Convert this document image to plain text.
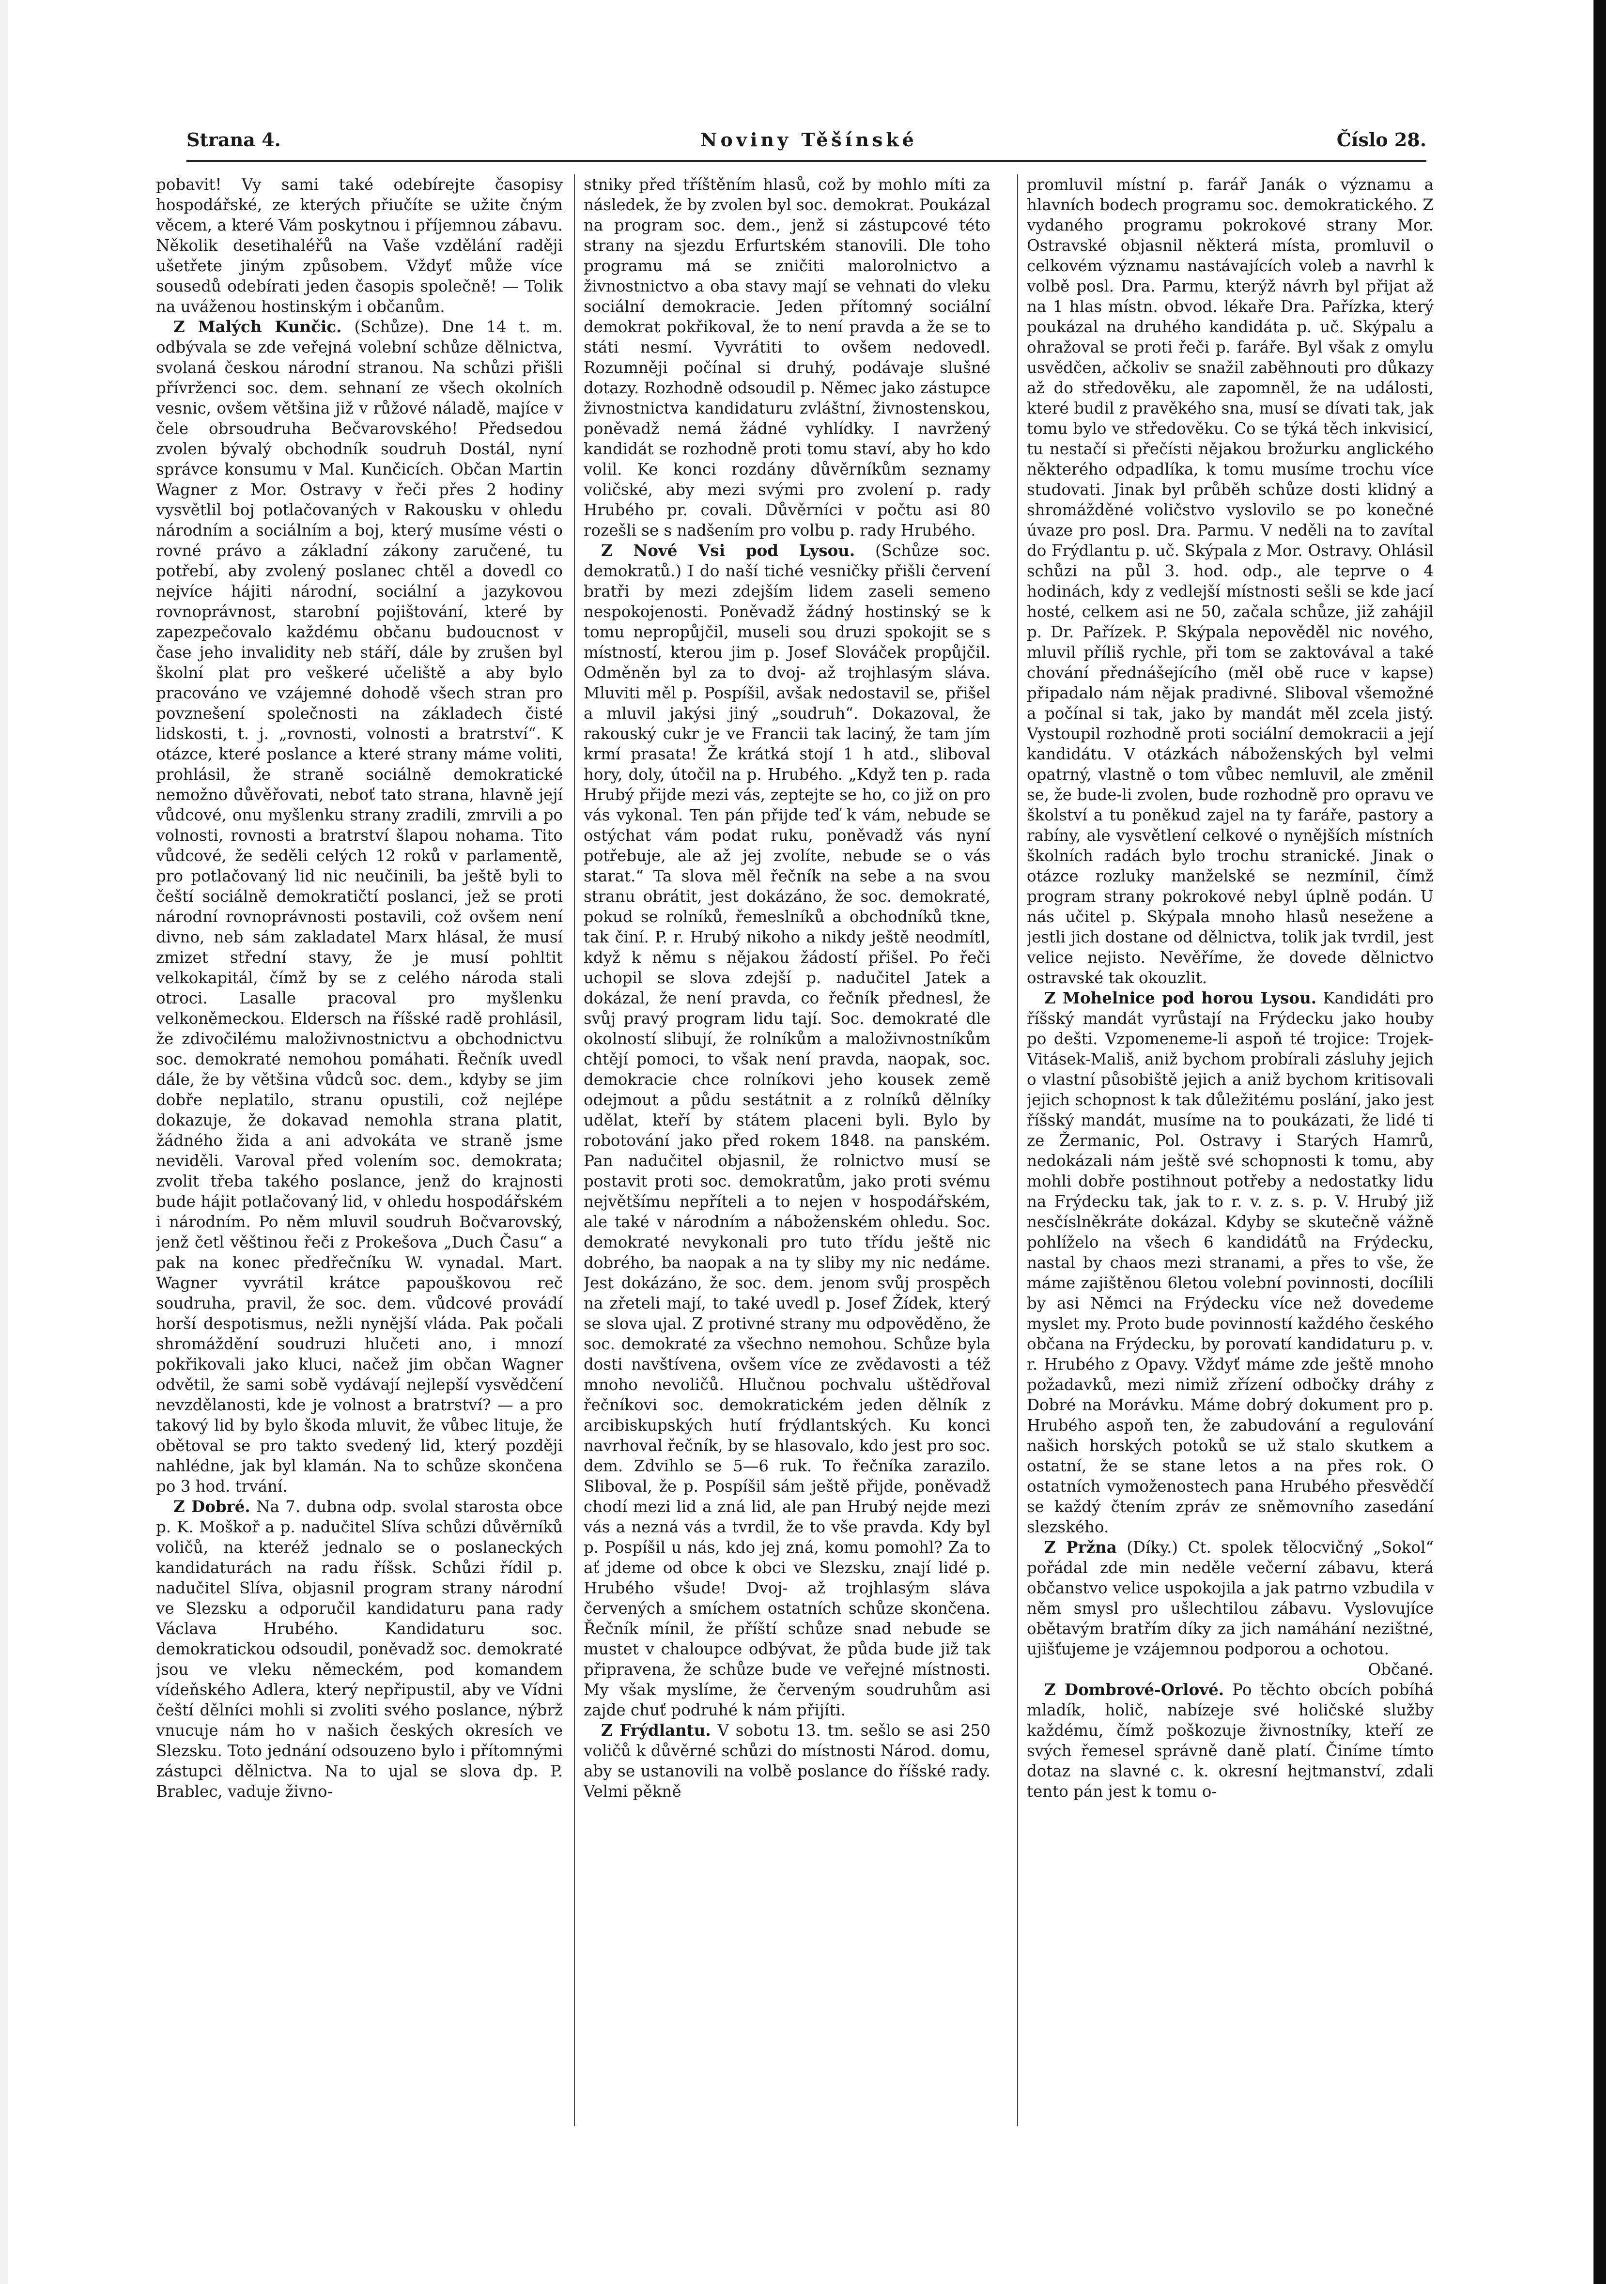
Strana 4.	Noviny Těšínské	Číslo 28.

pobavit! Vy sami také odebírejte časopisy hospodářské, ze kterých přiučíte se užite čným věcem, a které Vám poskytnou i příjemnou zábavu. Několik desetihaléřů na Vaše vzdělání raději ušetřete jiným způsobem. Vždyť může více sousedů odebírati jeden časopis společně! — Tolik na uváženou hostinským i občanům.

Z Malých Kunčic. (Schůze). Dne 14 t. m. odbývala se zde veřejná volební schůze dělnictva, svolaná českou národní stranou. Na schůzi přišli přívrženci soc. dem. sehnaní ze všech okolních vesnic, ovšem většina již v růžové náladě, majíce v čele obrsoudruha Bečvarovského! Předsedou zvolen bývalý obchodník soudruh Dostál, nyní správce konsumu v Mal. Kunčicích. Občan Martin Wagner z Mor. Ostravy v řeči přes 2 hodiny vysvětlil boj potlačovaných v Rakousku v ohledu národním a sociálním a boj, který musíme vésti o rovné právo a základní zákony zaručené, tu potřebí, aby zvolený poslanec chtěl a dovedl co nejvíce hájiti národní, sociální a jazykovou rovnoprávnost, starobní pojištování, které by zapezpečovalo každému občanu budoucnost v čase jeho invalidity neb stáří, dále by zrušen byl školní plat pro veškeré učeliště a aby bylo pracováno ve vzájemné dohodě všech stran pro povznešení společnosti na základech čisté lidskosti, t. j. „rovnosti, volnosti a bratrství“. K otázce, které poslance a které strany máme voliti, prohlásil, že straně sociálně demokratické nemožno důvěřovati, neboť tato strana, hlavně její vůdcové, onu myšlenku strany zradili, zmrvili a po volnosti, rovnosti a bratrství šlapou nohama. Tito vůdcové, že seděli celých 12 roků v parlamentě, pro potlačovaný lid nic neučinili, ba ještě byli to čeští sociálně demokratičtí poslanci, jež se proti národní rovnoprávnosti postavili, což ovšem není divno, neb sám zakladatel Marx hlásal, že musí zmizet střední stavy, že je musí pohltit velkokapitál, čímž by se z celého národa stali otroci. Lasalle pracoval pro myšlenku velkoněmeckou. Eldersch na říšské radě prohlásil, že zdivočilému maloživnostnictvu a obchodnictvu soc. demokraté nemohou pomáhati. Řečník uvedl dále, že by většina vůdců soc. dem., kdyby se jim dobře neplatilo, stranu opustili, což nejlépe dokazuje, že dokavad nemohla strana platit, žádného žida a ani advokáta ve straně jsme neviděli. Varoval před volením soc. demokrata; zvolit třeba takého poslance, jenž do krajnosti bude hájit potlačovaný lid, v ohledu hospodářském i národním. Po něm mluvil soudruh Bočvarovský, jenž četl věštinou řeči z Prokešova „Duch Času“ a pak na konec předřečníku W. vynadal. Mart. Wagner vyvrátil krátce papouškovou reč soudruha, pravil, že soc. dem. vůdcové provádí horší despotismus, nežli nynější vláda. Pak počali shromáždění soudruzi hlučeti ano, i mnozí pokřikovali jako kluci, načež jim občan Wagner odvětil, že sami sobě vydávají nejlepší vysvědčení nevzdělanosti, kde je volnost a bratrství? — a pro takový lid by bylo škoda mluvit, že vůbec lituje, že obětoval se pro takto svedený lid, který později nahlédne, jak byl klamán. Na to schůze skončena po 3 hod. trvání.

Z Dobré. Na 7. dubna odp. svolal starosta obce p. K. Moškoř a p. nadučitel Slíva schůzi důvěrníků voličů, na kteréž jednalo se o poslaneckých kandidaturách na radu říšsk. Schůzi řídil p. nadučitel Slíva, objasnil program strany národní ve Slezsku a odporučil kandidaturu pana rady Václava Hrubého. Kandidaturu soc. demokratickou odsoudil, poněvadž soc. demokraté jsou ve vleku německém, pod komandem vídeňského Adlera, který nepřipustil, aby ve Vídni čeští dělníci mohli si zvoliti svého poslance, nýbrž vnucuje nám ho v našich českých okresích ve Slezsku. Toto jednání odsouzeno bylo i přítomnými zástupci dělnictva. Na to ujal se slova dp. P. Brablec, vaduje živno-

stniky před tříštěním hlasů, což by mohlo míti za následek, že by zvolen byl soc. demokrat. Poukázal na program soc. dem., jenž si zástupcové této strany na sjezdu Erfurtském stanovili. Dle toho programu má se zničiti malorolnictvo a živnostnictvo a oba stavy mají se vehnati do vleku sociální demokracie. Jeden přítomný sociální demokrat pokřikoval, že to není pravda a že se to státi nesmí. Vyvrátiti to ovšem nedovedl. Rozumněji počínal si druhý, podávaje slušné dotazy. Rozhodně odsoudil p. Němec jako zástupce živnostnictva kandidaturu zvláštní, živnostenskou, poněvadž nemá žádné vyhlídky. I navržený kandidát se rozhodně proti tomu staví, aby ho kdo volil. Ke konci rozdány důvěrníkům seznamy voličské, aby mezi svými pro zvolení p. rady Hrubého pr. covali. Důvěrníci v počtu asi 80 rozešli se s nadšením pro volbu p. rady Hrubého.

Z Nové Vsi pod Lysou. (Schůze soc. demokratů.) I do naší tiché vesničky přišli červení bratři by mezi zdejším lidem zaseli semeno nespokojenosti. Poněvadž žádný hostinský se k tomu nepropůjčil, museli sou druzi spokojit se s místností, kterou jim p. Josef Slováček propůjčil. Odměněn byl za to dvoj- až trojhlasým sláva. Mluviti měl p. Pospíšil, avšak nedostavil se, přišel a mluvil jakýsi jiný „soudruh“. Dokazoval, že rakouský cukr je ve Francii tak laciný, že tam jím krmí prasata! Že krátká stojí 1 h atd., sliboval hory, doly, útočil na p. Hrubého. „Když ten p. rada Hrubý přijde mezi vás, zeptejte se ho, co již on pro vás vykonal. Ten pán přijde teď k vám, nebude se ostýchat vám podat ruku, poněvadž vás nyní potřebuje, ale až jej zvolíte, nebude se o vás starat.“ Ta slova měl řečník na sebe a na svou stranu obrátit, jest dokázáno, že soc. demokraté, pokud se rolníků, řemeslníků a obchodníků tkne, tak činí. P. r. Hrubý nikoho a nikdy ještě neodmítl, když k němu s nějakou žádostí přišel. Po řeči uchopil se slova zdejší p. nadučitel Jatek a dokázal, že není pravda, co řečník přednesl, že svůj pravý program lidu tají. Soc. demokraté dle okolností slibují, že rolníkům a maloživnostníkům chtějí pomoci, to však není pravda, naopak, soc. demokracie chce rolníkovi jeho kousek země odejmout a půdu sestátnit a z rolníků dělníky udělat, kteří by státem placeni byli. Bylo by robotování jako před rokem 1848. na panském. Pan nadučitel objasnil, že rolnictvo musí se postavit proti soc. demokratům, jako proti svému největšímu nepříteli a to nejen v hospodářském, ale také v národním a náboženském ohledu. Soc. demokraté nevykonali pro tuto třídu ještě nic dobrého, ba naopak a na ty sliby my nic nedáme. Jest dokázáno, že soc. dem. jenom svůj prospěch na zřeteli mají, to také uvedl p. Josef Žídek, který se slova ujal. Z protivné strany mu odpověděno, že soc. demokraté za všechno nemohou. Schůze byla dosti navštívena, ovšem více ze zvědavosti a též mnoho nevoličů. Hlučnou pochvalu uštědřoval řečníkovi soc. demokratickém jeden dělník z arcibiskupských hutí frýdlantských. Ku konci navrhoval řečník, by se hlasovalo, kdo jest pro soc. dem. Zdvihlo se 5—6 ruk. To řečníka zarazilo. Sliboval, že p. Pospíšil sám ještě přijde, poněvadž chodí mezi lid a zná lid, ale pan Hrubý nejde mezi vás a nezná vás a tvrdil, že to vše pravda. Kdy byl p. Pospíšil u nás, kdo jej zná, komu pomohl? Za to ať jdeme od obce k obci ve Slezsku, znají lidé p. Hrubého všude! Dvoj- až trojhlasým sláva červených a smíchem ostatních schůze skončena. Řečník mínil, že příští schůze snad nebude se mustet v chaloupce odbývat, že půda bude již tak připravena, že schůze bude ve veřejné místnosti. My však myslíme, že červeným soudruhům asi zajde chuť podruhé k nám přijíti.

Z Frýdlantu. V sobotu 13. tm. sešlo se asi 250 voličů k důvěrné schůzi do místnosti Národ. domu, aby se ustanovili na volbě poslance do říšské rady. Velmi pěkně

promluvil místní p. farář Janák o významu a hlavních bodech programu soc. demokratického. Z vydaného programu pokrokové strany Mor. Ostravské objasnil některá místa, promluvil o celkovém významu nastávajících voleb a navrhl k volbě posl. Dra. Parmu, kterýž návrh byl přijat až na 1 hlas místn. obvod. lékaře Dra. Pařízka, který poukázal na druhého kandidáta p. uč. Skýpalu a ohražoval se proti řeči p. faráře. Byl však z omylu usvědčen, ačkoliv se snažil zaběhnouti pro důkazy až do středověku, ale zapomněl, že na události, které budil z pravěkého sna, musí se dívati tak, jak tomu bylo ve středověku. Co se týká těch inkvisicí, tu nestačí si přečísti nějakou brožurku anglického některého odpadlíka, k tomu musíme trochu více studovati. Jinak byl průběh schůze dosti klidný a shromážděné voličstvo vyslovilo se po konečné úvaze pro posl. Dra. Parmu. V neděli na to zavítal do Frýdlantu p. uč. Skýpala z Mor. Ostravy. Ohlásil schůzi na půl 3. hod. odp., ale teprve o 4 hodinách, kdy z vedlejší místnosti sešli se kde jací hosté, celkem asi ne 50, začala schůze, již zahájil p. Dr. Pařízek. P. Skýpala nepověděl nic nového, mluvil příliš rychle, při tom se zaktovával a také chování přednášejícího (měl obě ruce v kapse) připadalo nám nějak pradivné. Sliboval všemožné a počínal si tak, jako by mandát měl zcela jistý. Vystoupil rozhodně proti sociální demokracii a její kandidátu. V otázkách náboženských byl velmi opatrný, vlastně o tom vůbec nemluvil, ale změnil se, že bude-li zvolen, bude rozhodně pro opravu ve školství a tu poněkud zajel na ty faráře, pastory a rabíny, ale vysvětlení celkové o nynějších místních školních radách bylo trochu stranické. Jinak o otázce rozluky manželské se nezmínil, čímž program strany pokrokové nebyl úplně podán. U nás učitel p. Skýpala mnoho hlasů neseženе a jestli jich dostane od dělnictva, tolik jak tvrdil, jest velice nejisto. Nevěříme, že dovede dělnictvo ostravské tak okouzlit.

Z Mohelnice pod horou Lysou. Kandidáti pro říšský mandát vyrůstají na Frýdecku jako houby po dešti. Vzpomeneme-li aspoň té trojice: Trojek-Vitásek-Mališ, aniž bychom probírali zásluhy jejich o vlastní působiště jejich a aniž bychom kritisovali jejich schopnost k tak důležitému poslání, jako jest říšský mandát, musíme na to poukázati, že lidé ti ze Žermanic, Pol. Ostravy i Starých Hamrů, nedokázali nám ještě své schopnosti k tomu, aby mohli dobře postihnout potřeby a nedostatky lidu na Frýdecku tak, jak to r. v. z. s. p. V. Hrubý již nesčíslněkráte dokázal. Kdyby se skutečně vážně pohlíželo na všech 6 kandidátů na Frýdecku, nastal by chaos mezi stranami, a přes to vše, že máme zajištěnou 6letou volební povinnosti, docílili by asi Němci na Frýdecku více než dovedeme myslet my. Proto bude povinností každého českého občana na Frýdecku, by porovatí kandidaturu p. v. r. Hrubého z Opavy. Vždyť máme zde ještě mnoho požadavků, mezi nimiž zřízení odbočky dráhy z Dobré na Morávku. Máme dobrý dokument pro p. Hrubého aspoň ten, že zabudování a regulování našich horských potoků se už stalo skutkem a ostatní, že se stane letos a na přes rok. O ostatních vymoženostech pana Hrubého přesvědčí se každý čtením zpráv ze sněmovního zasedání slezského.

Z Pržna (Díky.) Ct. spolek tělocvičný „Sokol“ pořádal zde min neděle večerní zábavu, která občanstvo velice uspokojila a jak patrno vzbudila v něm smysl pro ušlechtilou zábavu. Vyslovujíce obětavým bratřím díky za jich namáhání nezištné, ujišťujeme je vzájemnou podporou a ochotou.

Občané.

Z Dombrové-Orlové. Po těchto obcích pobíhá mladík, holič, nabízeje své holičské služby každému, čímž poškozuje živnostníky, kteří ze svých řemesel správně daně platí. Činíme tímto dotaz na slavné c. k. okresní hejtmanství, zdali tento pán jest k tomu o-
